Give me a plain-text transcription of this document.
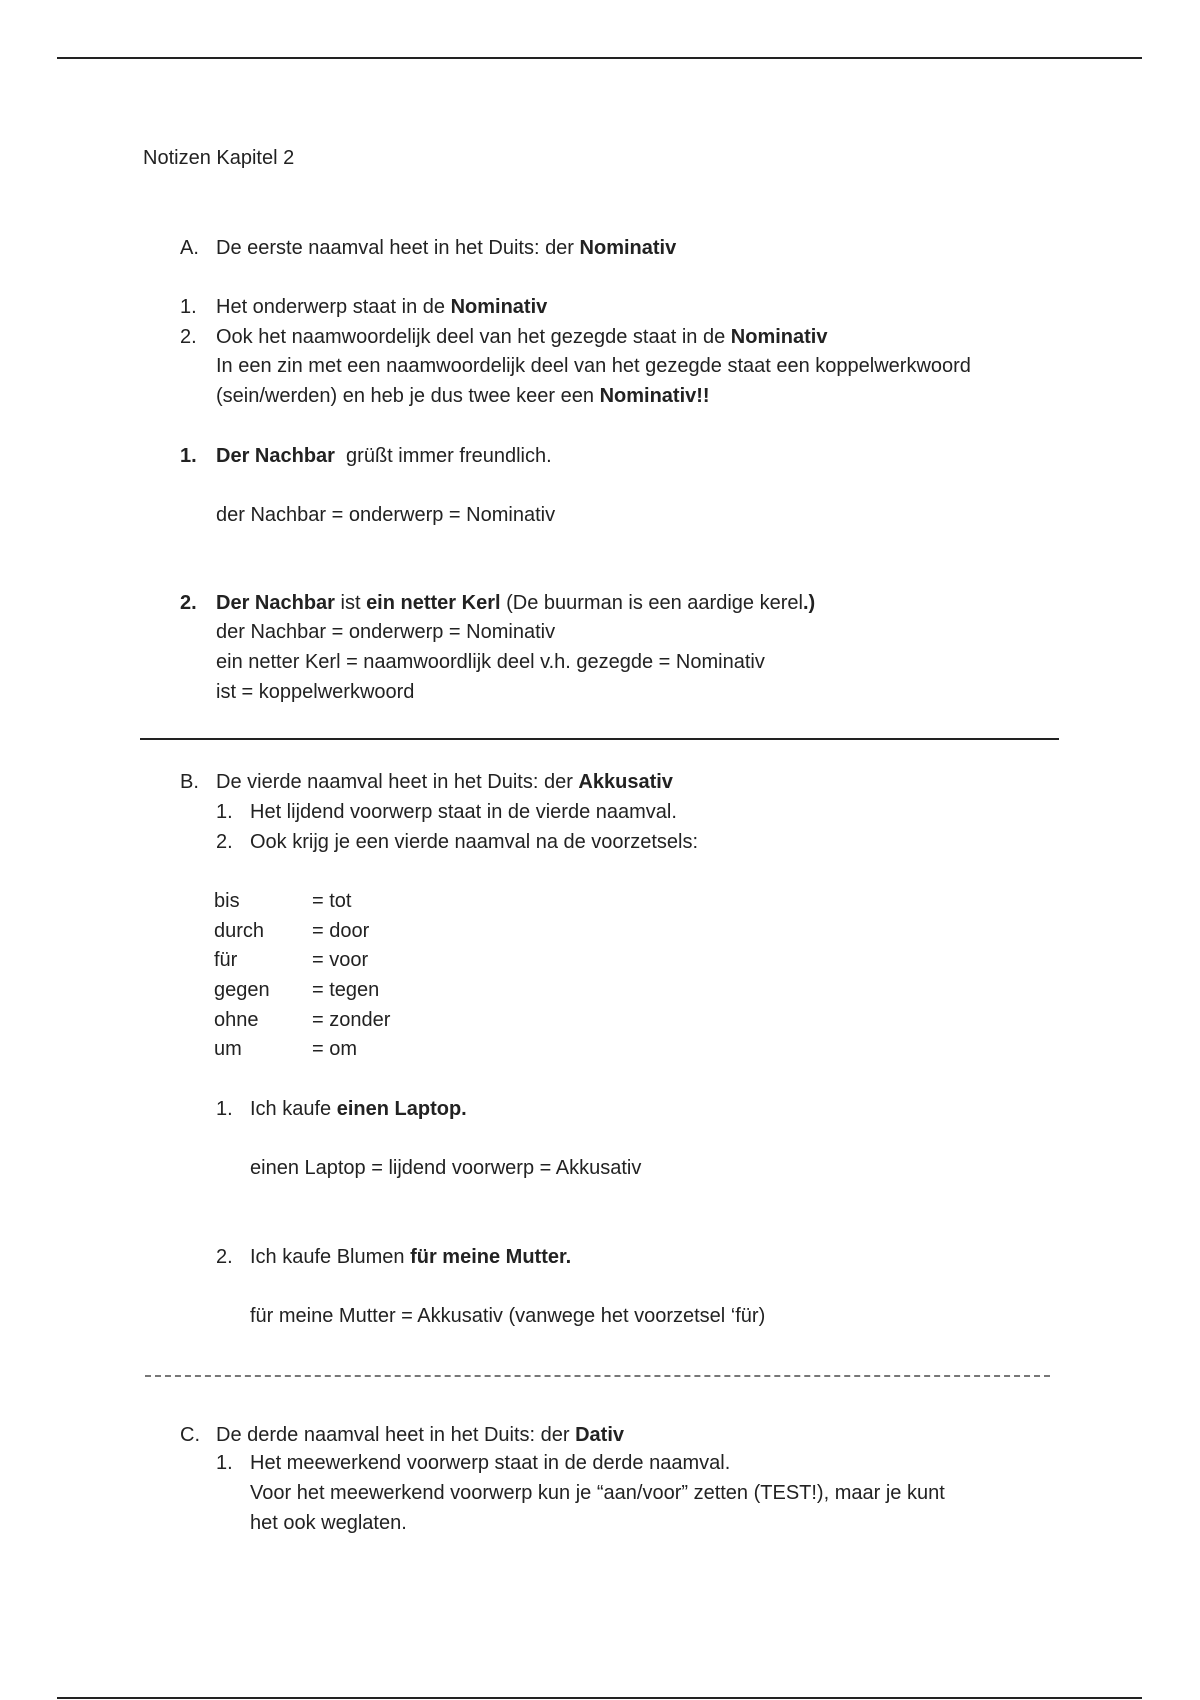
Notizen Kapitel 2
A. De eerste naamval heet in het Duits: der Nominativ
1. Het onderwerp staat in de Nominativ
2. Ook het naamwoordelijk deel van het gezegde staat in de Nominativ
In een zin met een naamwoordelijk deel van het gezegde staat een koppelwerkwoord
(sein/werden) en heb je dus twee keer een Nominativ!!
1. Der Nachbar  grüßt immer freundlich.
der Nachbar = onderwerp = Nominativ
2. Der Nachbar ist ein netter Kerl (De buurman is een aardige kerel.)
der Nachbar = onderwerp = Nominativ
ein netter Kerl = naamwoordlijk deel v.h. gezegde = Nominativ
ist = koppelwerkwoord
B. De vierde naamval heet in het Duits: der Akkusativ
1. Het lijdend voorwerp staat in de vierde naamval.
2. Ook krijg je een vierde naamval na de voorzetsels:
bis	= tot
durch = door
für	= voor
gegen = tegen
ohne	= zonder
um	= om
1. Ich kaufe einen Laptop.
einen Laptop = lijdend voorwerp = Akkusativ
2. Ich kaufe Blumen für meine Mutter.
für meine Mutter = Akkusativ (vanwege het voorzetsel ‘für)
C. De derde naamval heet in het Duits: der Dativ
1. Het meewerkend voorwerp staat in de derde naamval.
Voor het meewerkend voorwerp kun je “aan/voor” zetten (TEST!), maar je kunt
het ook weglaten.
